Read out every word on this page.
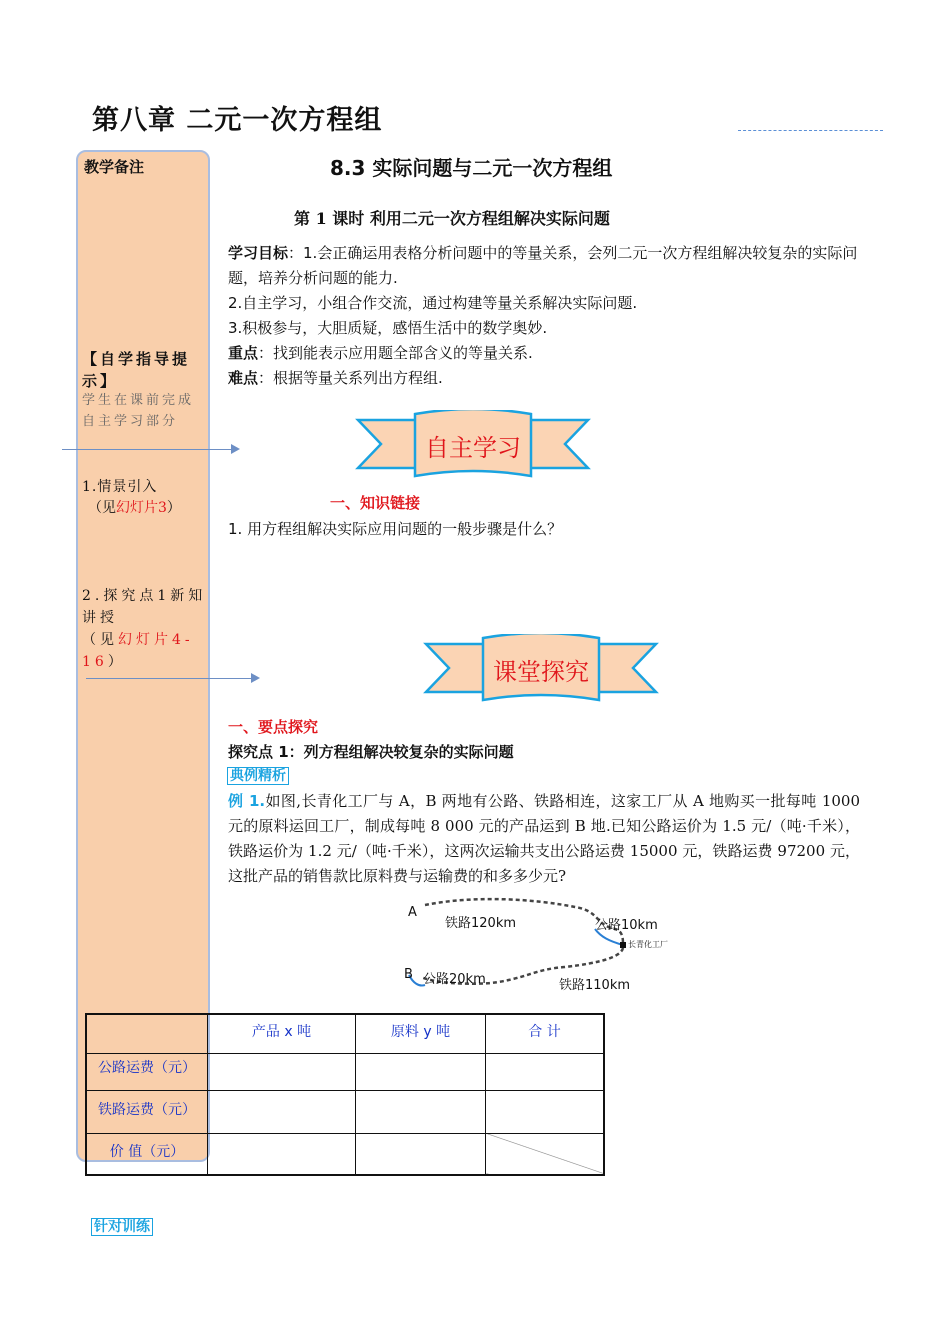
第八章 二元一次方程组
教学备注
【自学指导提示】
学生在课前完成自主学习部分
1.情景引入
（见幻灯片3）
2.探究点1新知讲授
（见幻灯片4-16）
8.3 实际问题与二元一次方程组
第 1 课时 利用二元一次方程组解决实际问题
学习目标：1.会正确运用表格分析问题中的等量关系，会列二元一次方程组解决较复杂的实际问题，培养分析问题的能力.
2.自主学习，小组合作交流，通过构建等量关系解决实际问题.
3.积极参与，大胆质疑，感悟生活中的数学奥妙.
重点：找到能表示应用题全部含义的等量关系.
难点：根据等量关系列出方程组.
自主学习
一、知识链接
1. 用方程组解决实际应用问题的一般步骤是什么？
课堂探究
一、要点探究
探究点 1：列方程组解决较复杂的实际问题
典例精析
例 1.如图,长青化工厂与 A，B 两地有公路、铁路相连，这家工厂从 A 地购买一批每吨 1000 元的原料运回工厂，制成每吨 8 000 元的产品运到 B 地.已知公路运价为 1.5 元/（吨·千米），铁路运价为 1.2 元/（吨·千米），这两次运输共支出公路运费 15000 元，铁路运费 97200 元，这批产品的销售款比原料费与运输费的和多多少元?
A
铁路120km	公路10km
长青化工厂
B 公路20km	铁路110km
	产品 x 吨	原料 y 吨	合 计
公路运费（元）			
铁路运费（元）			
价 值（元）			
针对训练
